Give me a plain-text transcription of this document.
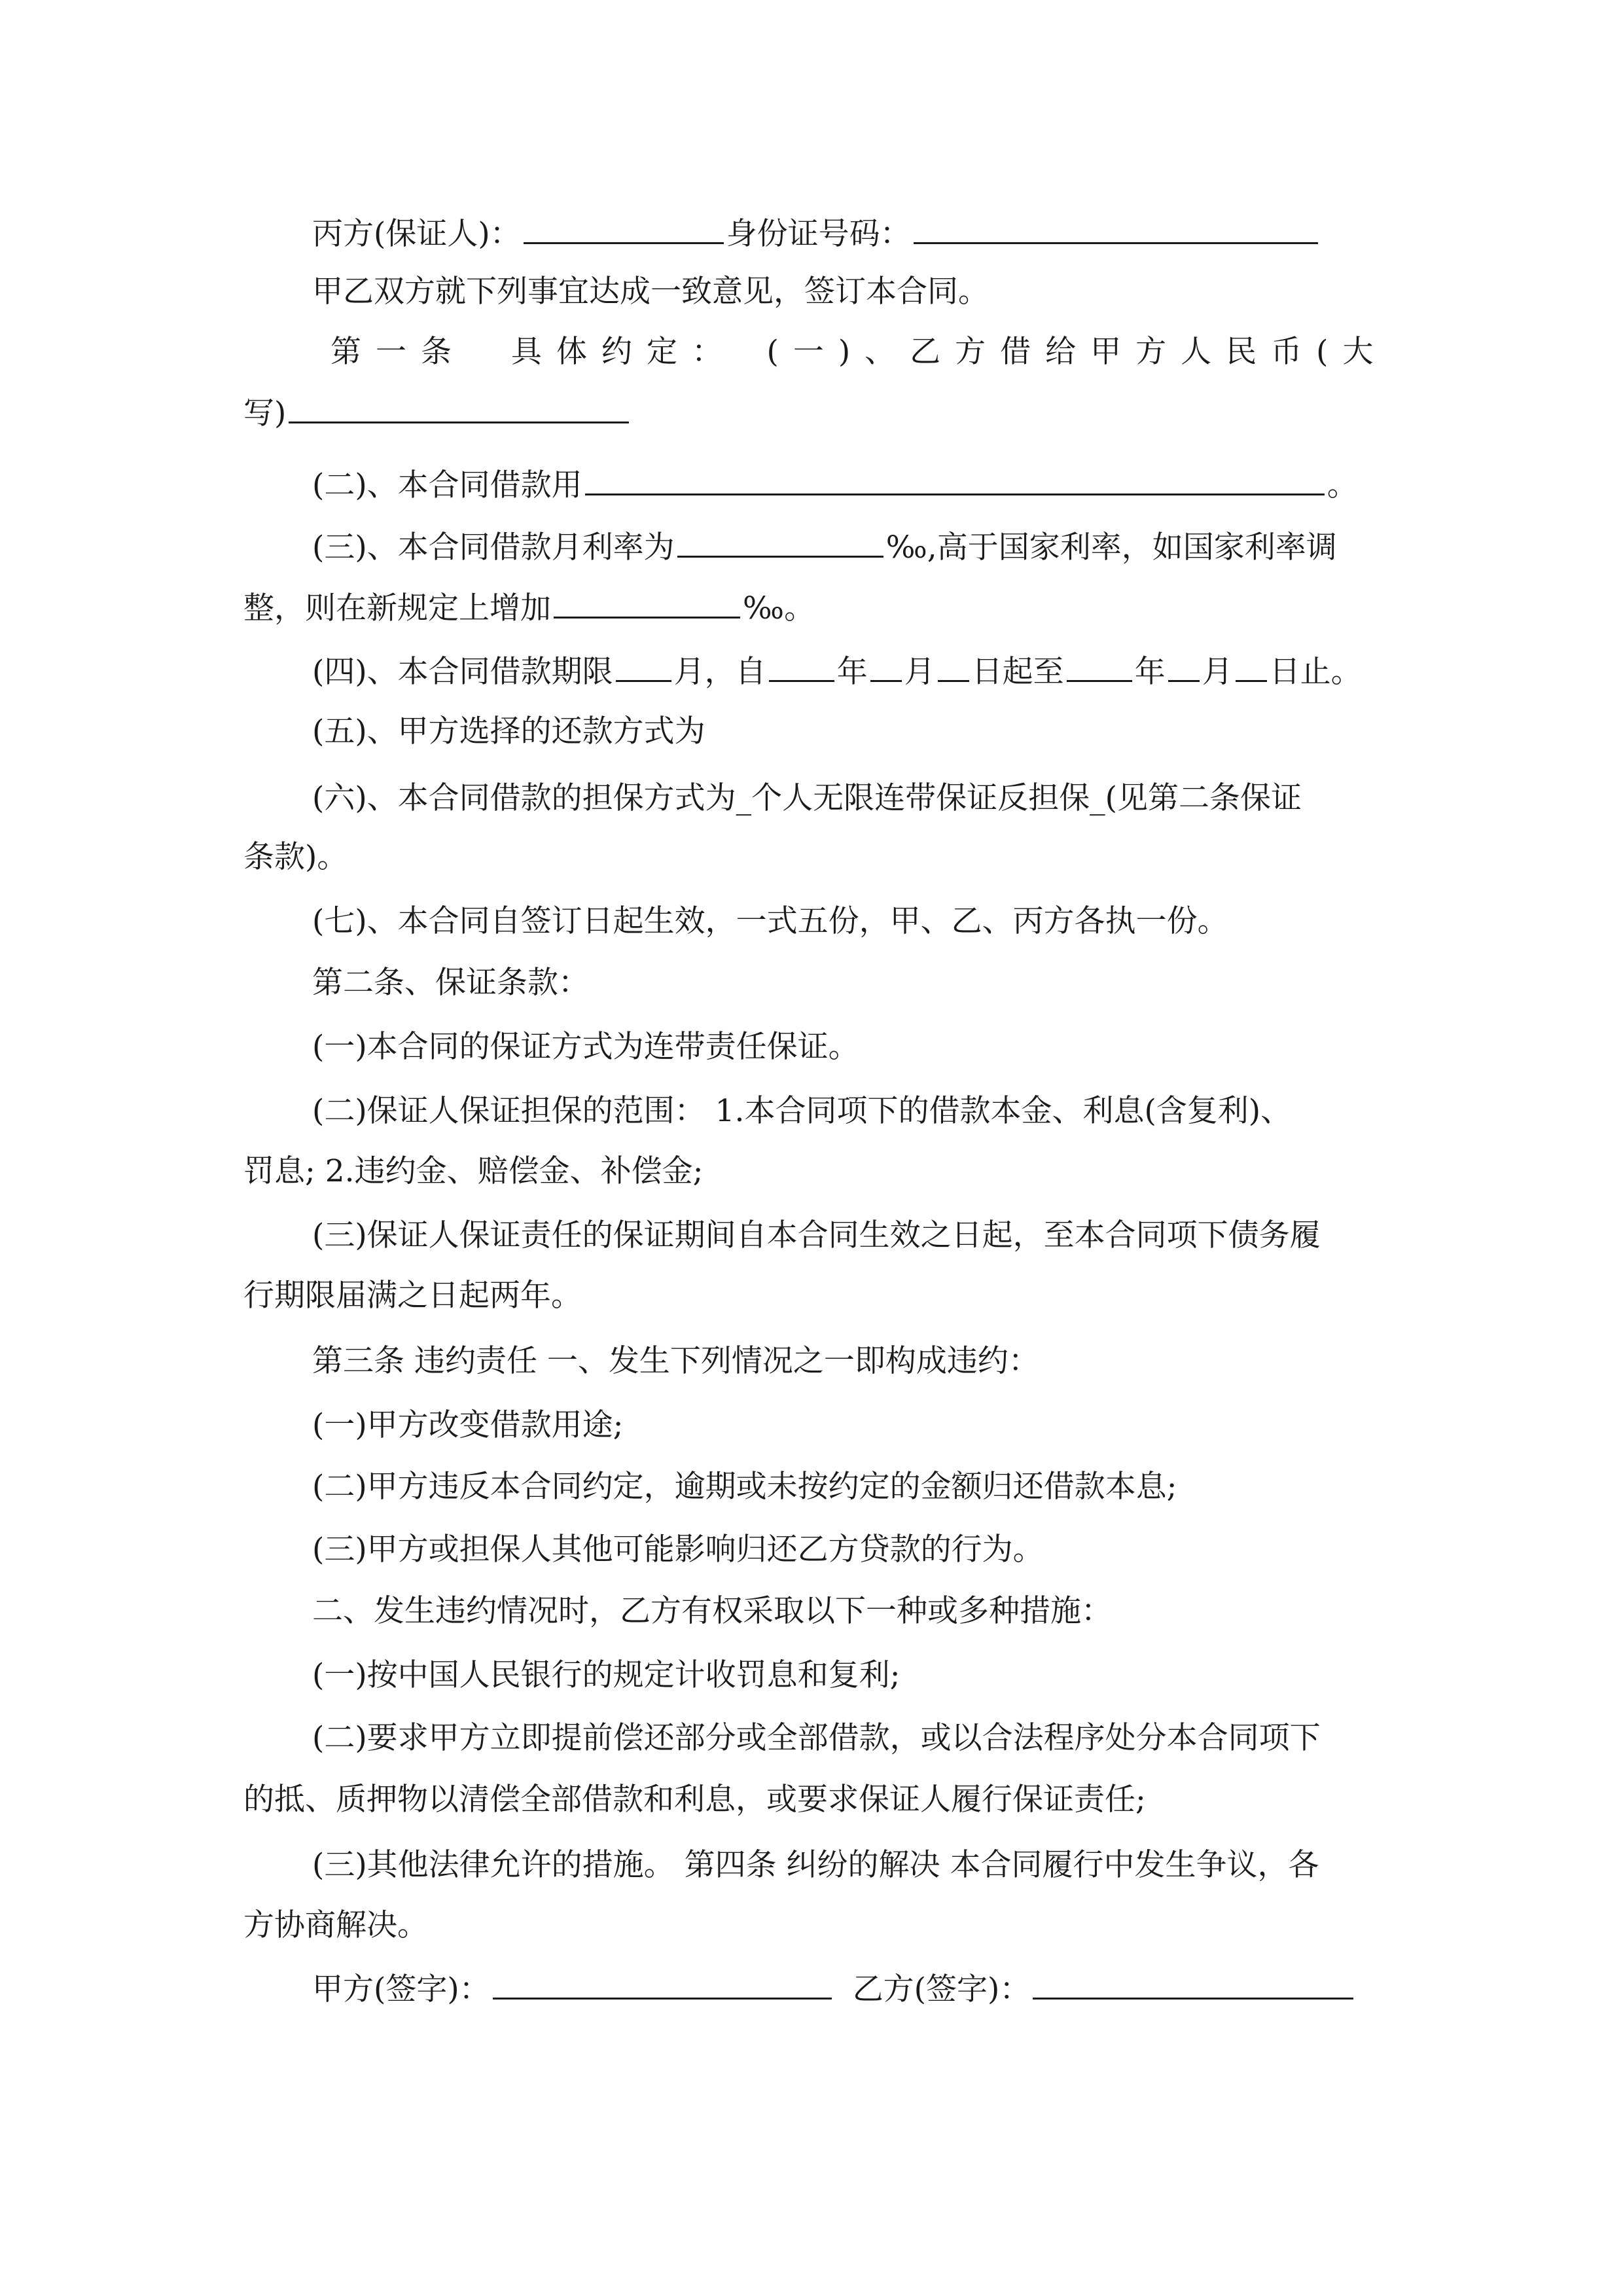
丙方(保证人)：	身份证号码：
甲乙双方就下列事宜达成一致意见，签订本合同。
第一条　具体约定：　(一)、乙方借给甲方人民币(大
写)
(二)、本合同借款用	。
(三)、本合同借款月利率为	‰,高于国家利率，如国家利率调
整，则在新规定上增加	‰。
(四)、本合同借款期限 月，自 年 月 日起至 年 月 日止。
(五)、甲方选择的还款方式为
(六)、本合同借款的担保方式为_个人无限连带保证反担保_(见第二条保证
条款)。
(七)、本合同自签订日起生效，一式五份，甲、乙、丙方各执一份。
第二条、保证条款：
(一)本合同的保证方式为连带责任保证。
(二)保证人保证担保的范围： 1.本合同项下的借款本金、利息(含复利)、
罚息; 2.违约金、赔偿金、补偿金;
(三)保证人保证责任的保证期间自本合同生效之日起，至本合同项下债务履
行期限届满之日起两年。
第三条 违约责任 一、发生下列情况之一即构成违约：
(一)甲方改变借款用途;
(二)甲方违反本合同约定，逾期或未按约定的金额归还借款本息;
(三)甲方或担保人其他可能影响归还乙方贷款的行为。
二、发生违约情况时，乙方有权采取以下一种或多种措施：
(一)按中国人民银行的规定计收罚息和复利;
(二)要求甲方立即提前偿还部分或全部借款，或以合法程序处分本合同项下
的抵、质押物以清偿全部借款和利息，或要求保证人履行保证责任;
(三)其他法律允许的措施。 第四条 纠纷的解决 本合同履行中发生争议，各
方协商解决。
甲方(签字)：	乙方(签字)：
